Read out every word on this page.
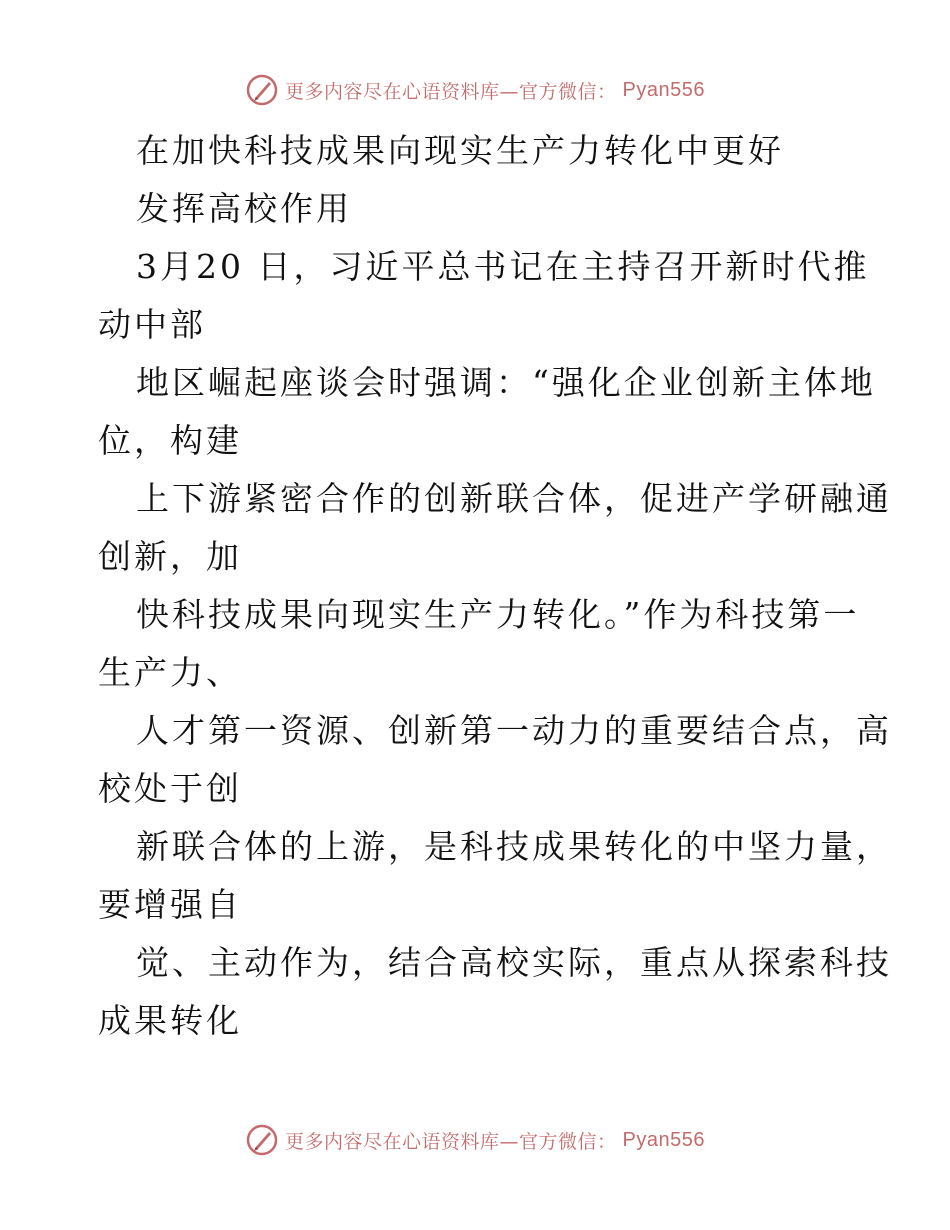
更多内容尽在心语资料库—官方微信： Pyan556
在加快科技成果向现实生产力转化中更好
发挥高校作用
3月20 日，习近平总书记在主持召开新时代推
动中部
地区崛起座谈会时强调：“强化企业创新主体地
位，构建
上下游紧密合作的创新联合体，促进产学研融通
创新，加
快科技成果向现实生产力转化。”作为科技第一
生产力、
人才第一资源、创新第一动力的重要结合点，高
校处于创
新联合体的上游，是科技成果转化的中坚力量，
要增强自
觉、主动作为，结合高校实际，重点从探索科技
成果转化
更多内容尽在心语资料库—官方微信： Pyan556
